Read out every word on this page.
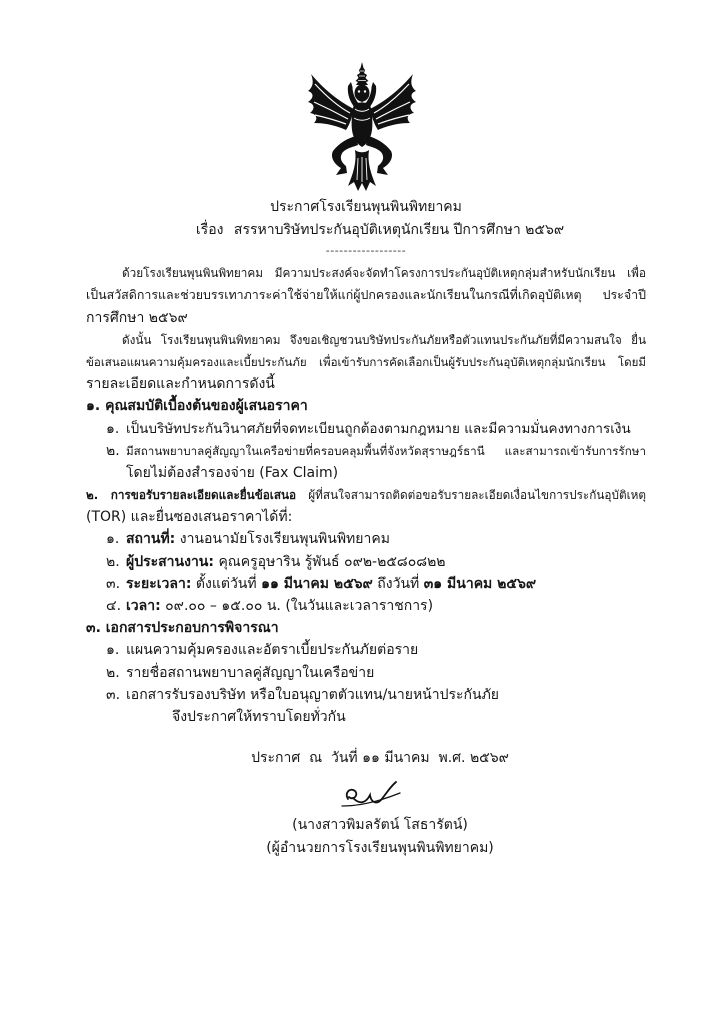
ประกาศโรงเรียนพุนพินพิทยาคม
เรื่อง สรรหาบริษัทประกันอุบัติเหตุนักเรียน ปีการศึกษา ๒๕๖๙
------------------
ด้วยโรงเรียนพุนพินพิทยาคม มีความประสงค์จะจัดทำโครงการประกันอุบัติเหตุกลุ่มสำหรับนักเรียน เพื่อ
เป็นสวัสดิการและช่วยบรรเทาภาระค่าใช้จ่ายให้แก่ผู้ปกครองและนักเรียนในกรณีที่เกิดอุบัติเหตุ ประจำปี
การศึกษา ๒๕๖๙
ดังนั้น โรงเรียนพุนพินพิทยาคม จึงขอเชิญชวนบริษัทประกันภัยหรือตัวแทนประกันภัยที่มีความสนใจ ยื่น
ข้อเสนอแผนความคุ้มครองและเบี้ยประกันภัย เพื่อเข้ารับการคัดเลือกเป็นผู้รับประกันอุบัติเหตุกลุ่มนักเรียน โดยมี
รายละเอียดและกำหนดการดังนี้
๑. คุณสมบัติเบื้องต้นของผู้เสนอราคา
๑. เป็นบริษัทประกันวินาศภัยที่จดทะเบียนถูกต้องตามกฎหมาย และมีความมั่นคงทางการเงิน
๒. มีสถานพยาบาลคู่สัญญาในเครือข่ายที่ครอบคลุมพื้นที่จังหวัดสุราษฎร์ธานี และสามารถเข้ารับการรักษา
โดยไม่ต้องสำรองจ่าย (Fax Claim)
๒. การขอรับรายละเอียดและยื่นข้อเสนอ ผู้ที่สนใจสามารถติดต่อขอรับรายละเอียดเงื่อนไขการประกันอุบัติเหตุ
(TOR) และยื่นซองเสนอราคาได้ที่:
๑. สถานที่: งานอนามัยโรงเรียนพุนพินพิทยาคม
๒. ผู้ประสานงาน: คุณครูอุษาริน รู้พันธ์ ๐๙๒-๒๕๘๐๘๒๒
๓. ระยะเวลา: ตั้งแต่วันที่ ๑๑ มีนาคม ๒๕๖๙ ถึงวันที่ ๓๑ มีนาคม ๒๕๖๙
๔. เวลา: ๐๙.๐๐ – ๑๕.๐๐ น. (ในวันและเวลาราชการ)
๓. เอกสารประกอบการพิจารณา
๑. แผนความคุ้มครองและอัตราเบี้ยประกันภัยต่อราย
๒. รายชื่อสถานพยาบาลคู่สัญญาในเครือข่าย
๓. เอกสารรับรองบริษัท หรือใบอนุญาตตัวแทน/นายหน้าประกันภัย
จึงประกาศให้ทราบโดยทั่วกัน
ประกาศ  ณ  วันที่ ๑๑ มีนาคม  พ.ศ. ๒๕๖๙
(นางสาวพิมลรัตน์ โสธารัตน์)
(ผู้อำนวยการโรงเรียนพุนพินพิทยาคม)
